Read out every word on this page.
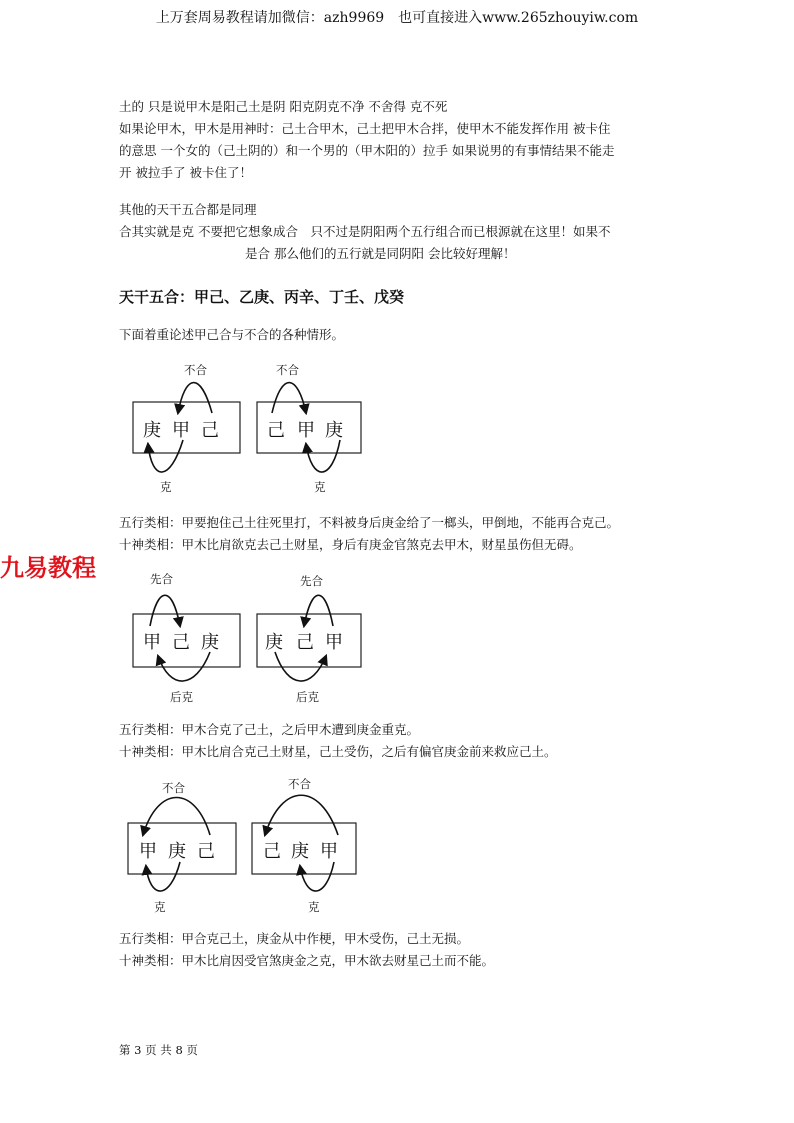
上万套周易教程请加微信：azh9969　也可直接进入www.265zhouyiw.com
土的 只是说甲木是阳己土是阴 阳克阴克不净 不舍得 克不死
如果论甲木，甲木是用神时：己土合甲木，己土把甲木合拌，使甲木不能发挥作用 被卡住
的意思 一个女的（己土阴的）和一个男的（甲木阳的）拉手 如果说男的有事情结果不能走
开 被拉手了 被卡住了！
其他的天干五合都是同理
合其实就是克 不要把它想象成合　只不过是阴阳两个五行组合而已根源就在这里！如果不
是合 那么他们的五行就是同阴阳 会比较好理解！
天干五合：甲己、乙庚、丙辛、丁壬、戊癸
下面着重论述甲己合与不合的各种情形。
不合
庚 甲 己
克
不合
己 甲 庚
克
先合
甲 己 庚
后克
先合
庚 己 甲
后克
不合
甲 庚 己
克
不合
己 庚 甲
克
五行类相：甲要抱住己土往死里打，不料被身后庚金给了一榔头，甲倒地，不能再合克己。
十神类相：甲木比肩欲克去己土财星，身后有庚金官煞克去甲木，财星虽伤但无碍。
九易教程
五行类相：甲木合克了己土，之后甲木遭到庚金重克。
十神类相：甲木比肩合克己土财星，己土受伤，之后有偏官庚金前来救应己土。
五行类相：甲合克己土，庚金从中作梗，甲木受伤，己土无损。
十神类相：甲木比肩因受官煞庚金之克，甲木欲去财星己土而不能。
第 3 页 共 8 页
